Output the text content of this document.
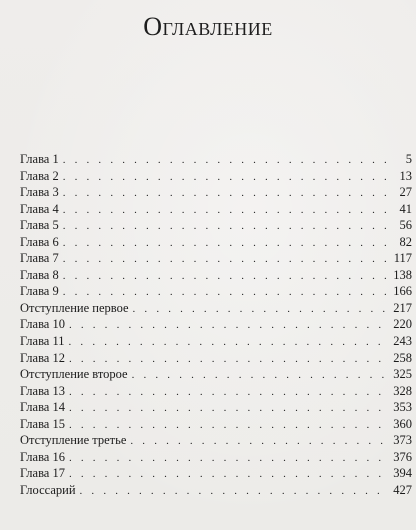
Оглавление
Глава 1 . . .	5
Глава 2 . . .	13
Глава 3 . . .	27
Глава 4 . . .	41
Глава 5 . . .	56
Глава 6 . . .	82
Глава 7 . . .	117
Глава 8 . . .	138
Глава 9 . . .	166
Отступление первое . . .	217
Глава 10 . . .	220
Глава 11 . . .	243
Глава 12 . . .	258
Отступление второе . . .	325
Глава 13 . . .	328
Глава 14 . . .	353
Глава 15 . . .	360
Отступление третье . . .	373
Глава 16 . . .	376
Глава 17 . . .	394
Глоссарий . . .	427
